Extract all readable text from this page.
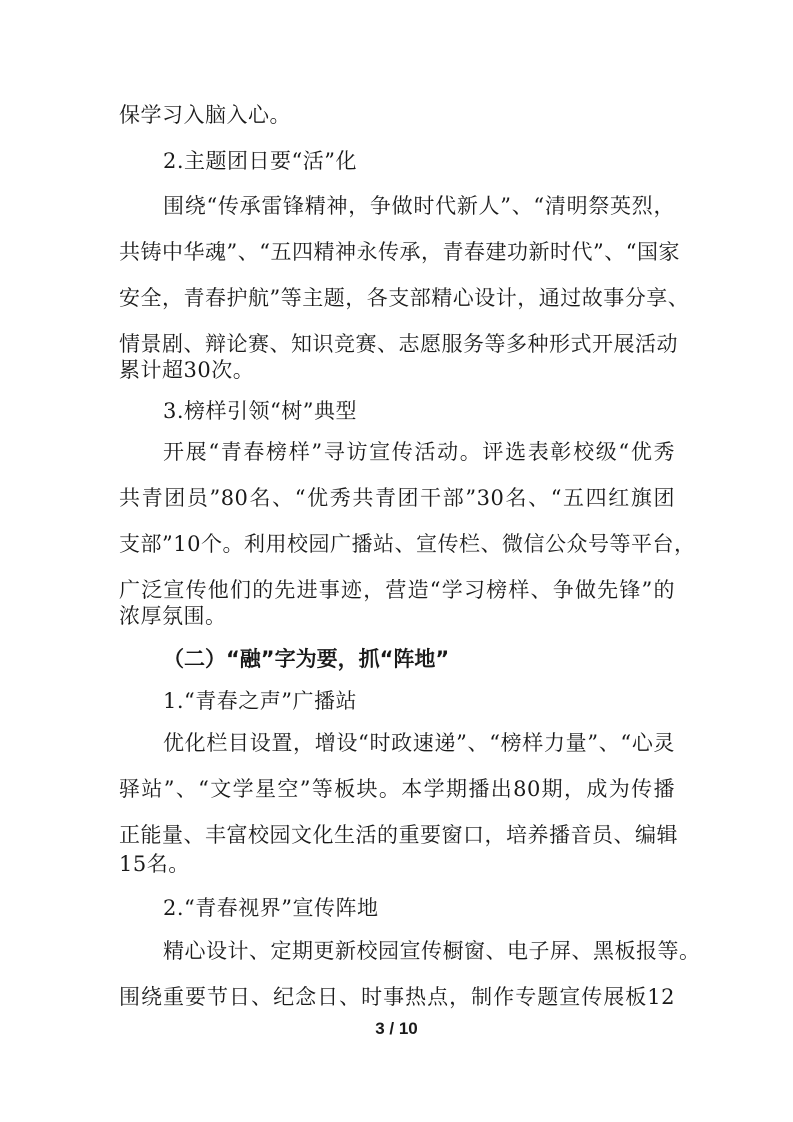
保学习入脑入心。
2.主题团日要“活”化
围绕“传承雷锋精神，争做时代新人”、“清明祭英烈，
共铸中华魂”、“五四精神永传承，青春建功新时代”、“国家
安全，青春护航”等主题，各支部精心设计，通过故事分享、
情景剧、辩论赛、知识竞赛、志愿服务等多种形式开展活动
累计超30次。
3.榜样引领“树”典型
开展“青春榜样”寻访宣传活动。评选表彰校级“优秀
共青团员”80名、“优秀共青团干部”30名、“五四红旗团
支部”10个。利用校园广播站、宣传栏、微信公众号等平台，
广泛宣传他们的先进事迹，营造“学习榜样、争做先锋”的
浓厚氛围。
（二）“融”字为要，抓“阵地”
1.“青春之声”广播站
优化栏目设置，增设“时政速递”、“榜样力量”、“心灵
驿站”、“文学星空”等板块。本学期播出80期，成为传播
正能量、丰富校园文化生活的重要窗口，培养播音员、编辑
15名。
2.“青春视界”宣传阵地
精心设计、定期更新校园宣传橱窗、电子屏、黑板报等。
围绕重要节日、纪念日、时事热点，制作专题宣传展板12
3 / 10
